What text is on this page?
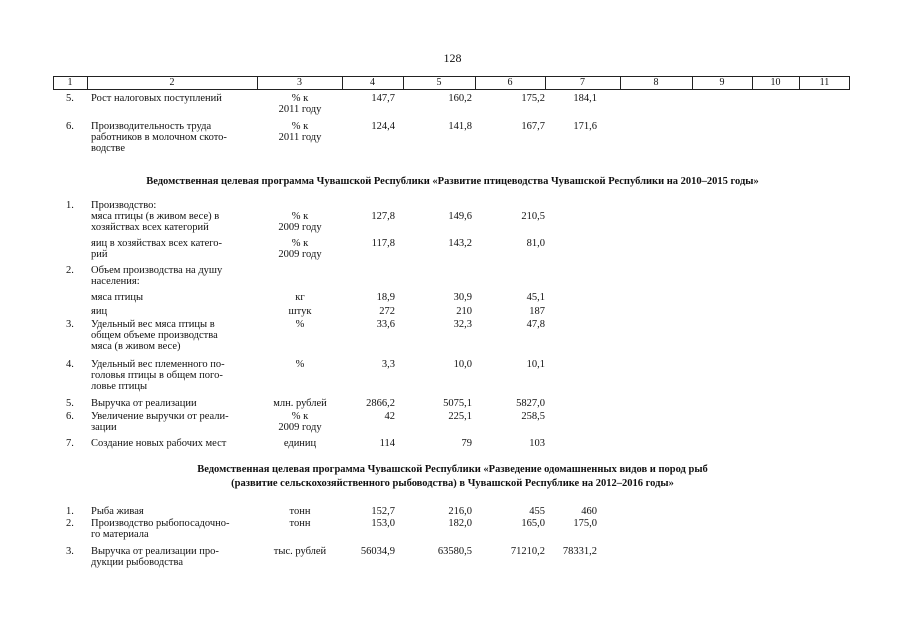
128
1	2	3	4	5	6	7	8	9	10	11
5. Рост налоговых поступлений	% к
2011 году
147,7	160,2	175,2	184,1
6. Производительность труда
работников в молочном ското-
водстве
% к
2011 году
124,4	141,8	167,7	171,6
Ведомственная целевая программа Чувашской Республики «Развитие птицеводства Чувашской Республики на 2010–2015 годы»
1. Производство:
мяса птицы (в живом весе) в
хозяйствах всех категорий
% к
2009 году
127,8	149,6	210,5
яиц в хозяйствах всех катего-
рий
% к
2009 году
117,8	143,2	81,0
2. Объем производства на душу
населения:
мяса птицы	кг	18,9	30,9	45,1
яиц	штук	272	210	187
3. Удельный вес мяса птицы в
общем объеме производства
мяса (в живом весе)
%	33,6	32,3	47,8
4. Удельный вес племенного по-
головья птицы в общем пого-
ловье птицы
%	3,3	10,0	10,1
5. Выручка от реализации	млн. рублей	2866,2	5075,1	5827,0
6. Увеличение выручки от реали-
зации
% к
2009 году
42	225,1	258,5
7. Создание новых рабочих мест	единиц	114	79	103
Ведомственная целевая программа Чувашской Республики «Разведение одомашненных видов и пород рыб
(развитие сельскохозяйственного рыбоводства) в Чувашской Республике на 2012–2016 годы»
1. Рыба живая	тонн	152,7	216,0	455	460
2. Производство рыбопосадочно-
го материала
тонн	153,0	182,0	165,0	175,0
3. Выручка от реализации про-
дукции рыбоводства
тыс. рублей	56034,9	63580,5	71210,2	78331,2
